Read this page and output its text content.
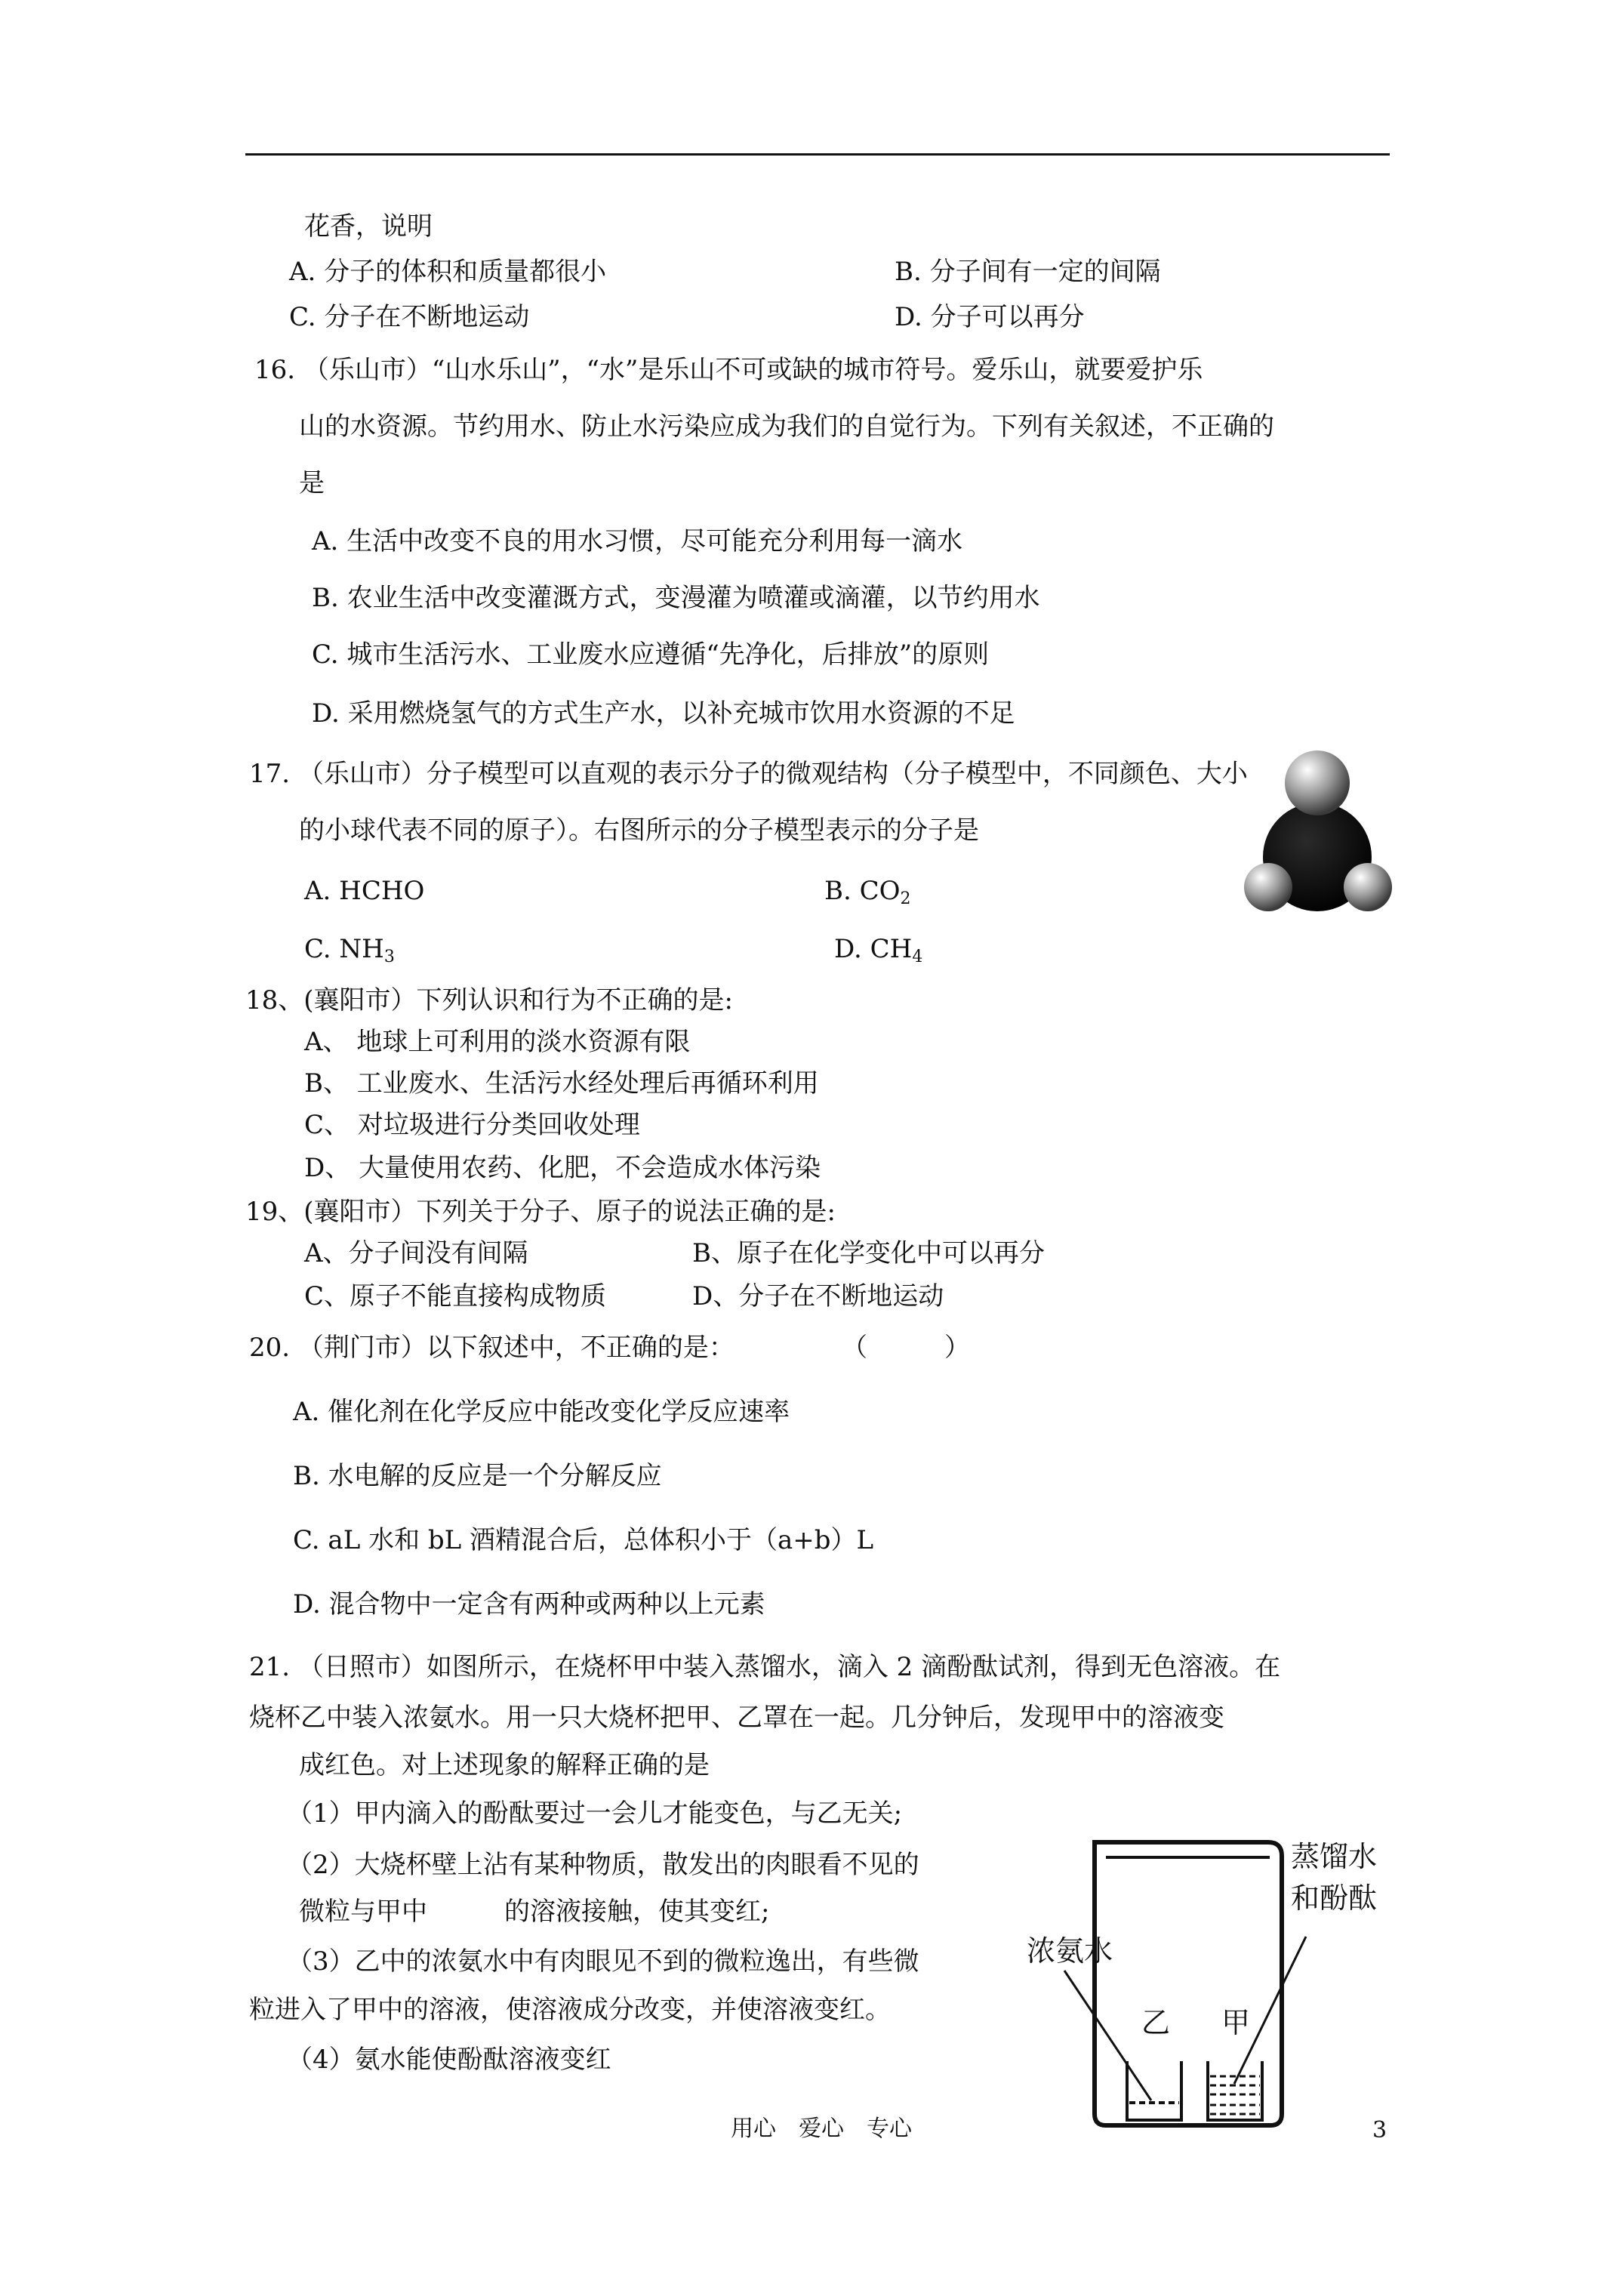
花香，说明
A. 分子的体积和质量都很小	B. 分子间有一定的间隔
C. 分子在不断地运动	D. 分子可以再分
16. （乐山市）“山水乐山”，“水”是乐山不可或缺的城市符号。爱乐山，就要爱护乐
山的水资源。节约用水、防止水污染应成为我们的自觉行为。下列有关叙述，不正确的
是
A. 生活中改变不良的用水习惯，尽可能充分利用每一滴水
B. 农业生活中改变灌溉方式，变漫灌为喷灌或滴灌，以节约用水
C. 城市生活污水、工业废水应遵循“先净化，后排放”的原则
D. 采用燃烧氢气的方式生产水，以补充城市饮用水资源的不足
17. （乐山市）分子模型可以直观的表示分子的微观结构（分子模型中，不同颜色、大小
的小球代表不同的原子）。右图所示的分子模型表示的分子是
A. HCHO	B. $CO_2$
C. $NH_3$	D. $CH_4$
18、(襄阳市）下列认识和行为不正确的是:
A、 地球上可利用的淡水资源有限
B、 工业废水、生活污水经处理后再循环利用
C、 对垃圾进行分类回收处理
D、 大量使用农药、化肥，不会造成水体污染
19、(襄阳市）下列关于分子、原子的说法正确的是:
A、分子间没有间隔	B、原子在化学变化中可以再分
C、原子不能直接构成物质	D、分子在不断地运动
20. （荆门市）以下叙述中，不正确的是：	（　　　）
A. 催化剂在化学反应中能改变化学反应速率
B. 水电解的反应是一个分解反应
C. aL 水和 bL 酒精混合后，总体积小于（a+b）L
D. 混合物中一定含有两种或两种以上元素
21. （日照市）如图所示，在烧杯甲中装入蒸馏水，滴入 2 滴酚酞试剂，得到无色溶液。在
烧杯乙中装入浓氨水。用一只大烧杯把甲、乙罩在一起。几分钟后，发现甲中的溶液变
成红色。对上述现象的解释正确的是
（1）甲内滴入的酚酞要过一会儿才能变色，与乙无关;
（2）大烧杯壁上沾有某种物质，散发出的肉眼看不见的
微粒与甲中　　　的溶液接触，使其变红;
（3）乙中的浓氨水中有肉眼见不到的微粒逸出，有些微
粒进入了甲中的溶液，使溶液成分改变，并使溶液变红。
（4）氨水能使酚酞溶液变红
浓氨水
蒸馏水
和酚酞
乙 甲
用心　爱心　专心	3
